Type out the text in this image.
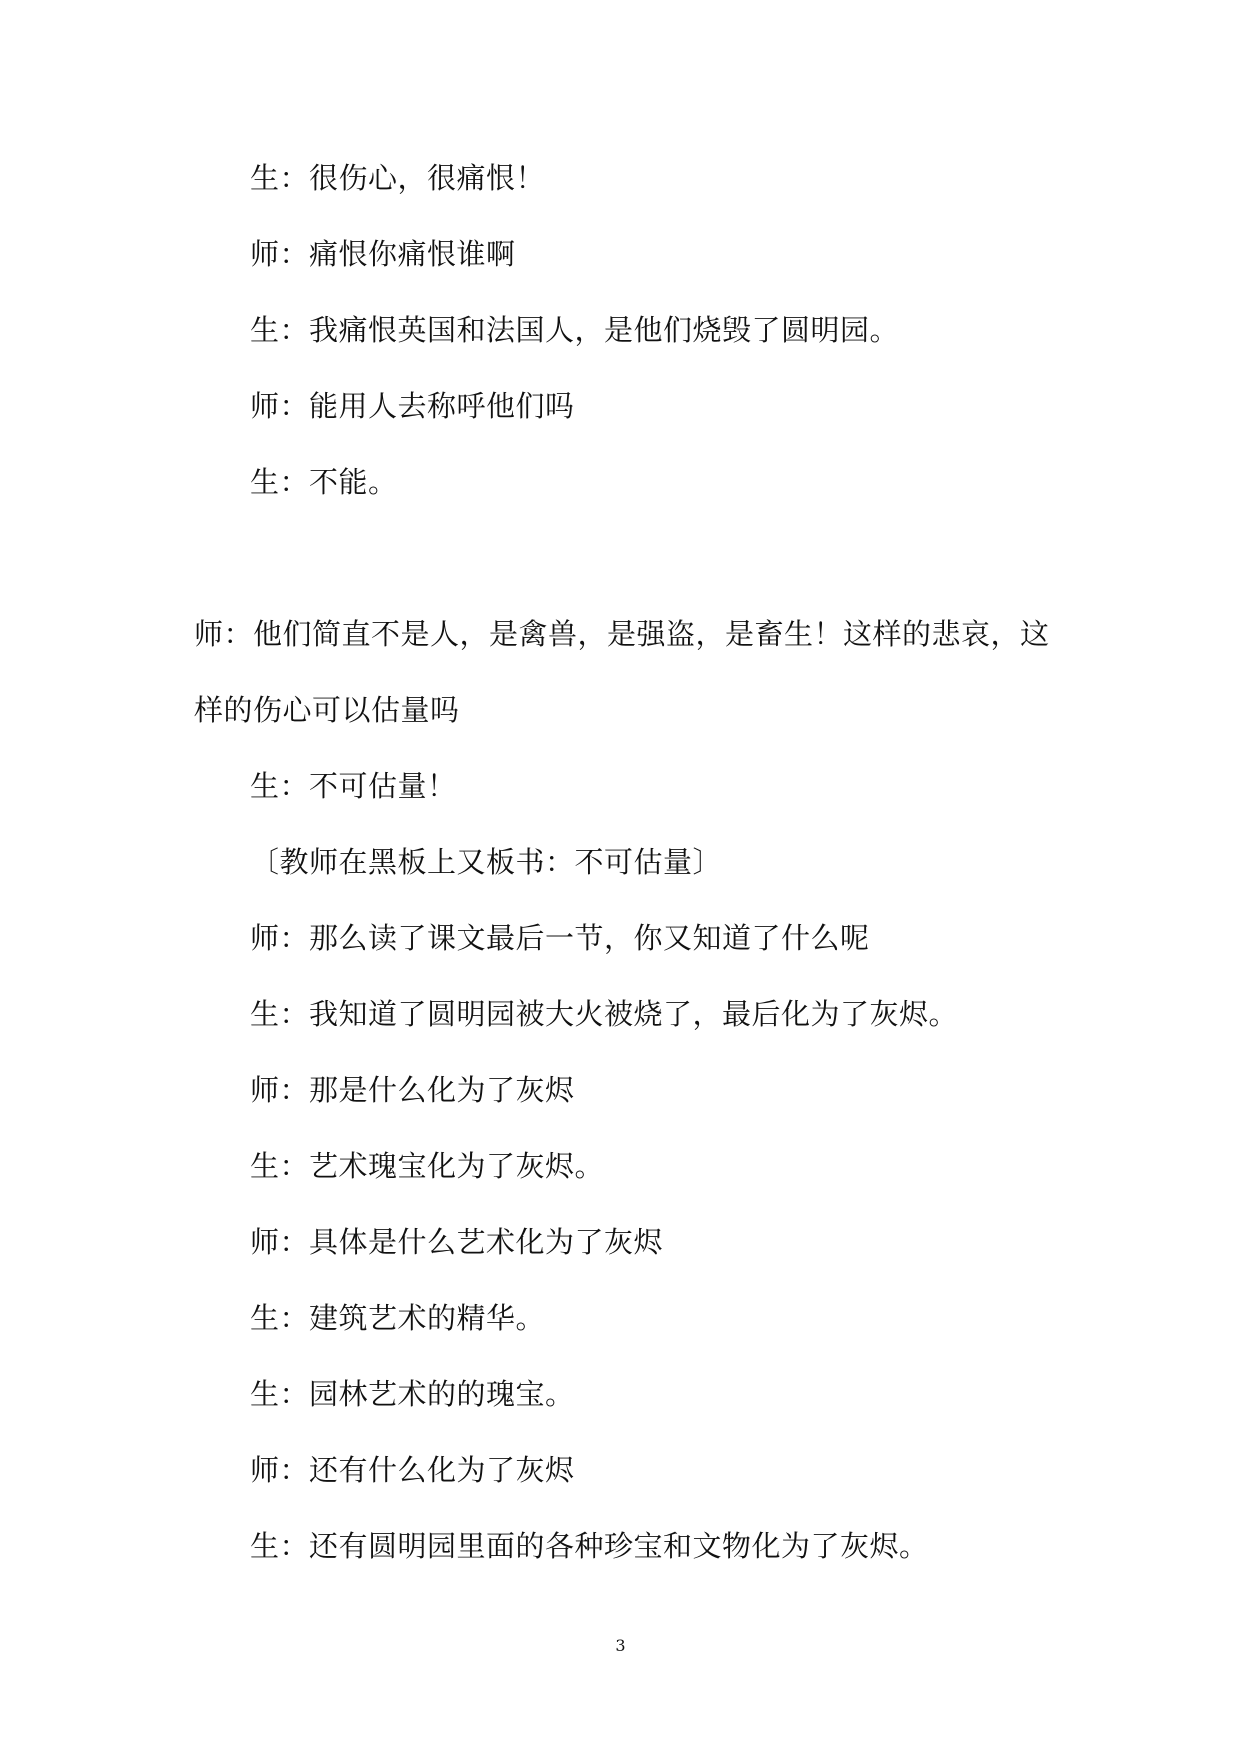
生：很伤心，很痛恨！
师：痛恨你痛恨谁啊
生：我痛恨英国和法国人，是他们烧毁了圆明园。
师：能用人去称呼他们吗
生：不能。
师：他们简直不是人，是禽兽，是强盗，是畜生！这样的悲哀，这
样的伤心可以估量吗
生：不可估量！
〔教师在黑板上又板书：不可估量〕
师：那么读了课文最后一节，你又知道了什么呢
生：我知道了圆明园被大火被烧了，最后化为了灰烬。
师：那是什么化为了灰烬
生：艺术瑰宝化为了灰烬。
师：具体是什么艺术化为了灰烬
生：建筑艺术的精华。
生：园林艺术的的瑰宝。
师：还有什么化为了灰烬
生：还有圆明园里面的各种珍宝和文物化为了灰烬。
3
